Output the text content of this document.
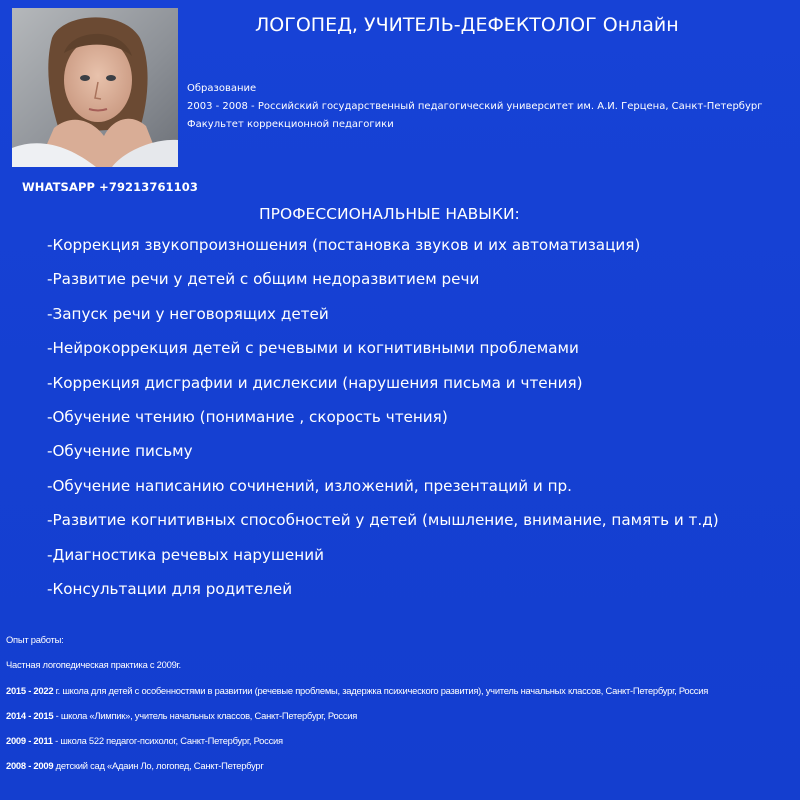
WHATSAPP +79213761103
ЛОГОПЕД, УЧИТЕЛЬ-ДЕФЕКТОЛОГ Онлайн
Образование
2003 - 2008 - Российский государственный педагогический университет им. А.И. Герцена, Санкт-Петербург
Факультет коррекционной педагогики
ПРОФЕССИОНАЛЬНЫЕ НАВЫКИ:
-Коррекция звукопроизношения (постановка звуков и их автоматизация)
-Развитие речи у детей с общим недоразвитием речи
-Запуск речи у неговорящих детей
-Нейрокоррекция детей с речевыми и когнитивными проблемами
-Коррекция дисграфии и дислексии (нарушения письма и чтения)
-Обучение чтению (понимание , скорость чтения)
-Обучение письму
-Обучение написанию сочинений, изложений, презентаций и пр.
-Развитие когнитивных способностей у детей (мышление, внимание, память и т.д)
-Диагностика речевых нарушений
-Консультации для родителей
Опыт работы:
Частная логопедическая практика с 2009г.
2015 - 2022 г. школа для детей с особенностями в развитии (речевые проблемы, задержка психического развития), учитель начальных классов, Санкт-Петербург, Россия
2014 - 2015 - школа «Лимпик», учитель начальных классов, Санкт-Петербург, Россия
2009 - 2011 - школа 522 педагог-психолог, Санкт-Петербург, Россия
2008 - 2009 детский сад «Адаин Ло, логопед, Санкт-Петербург
